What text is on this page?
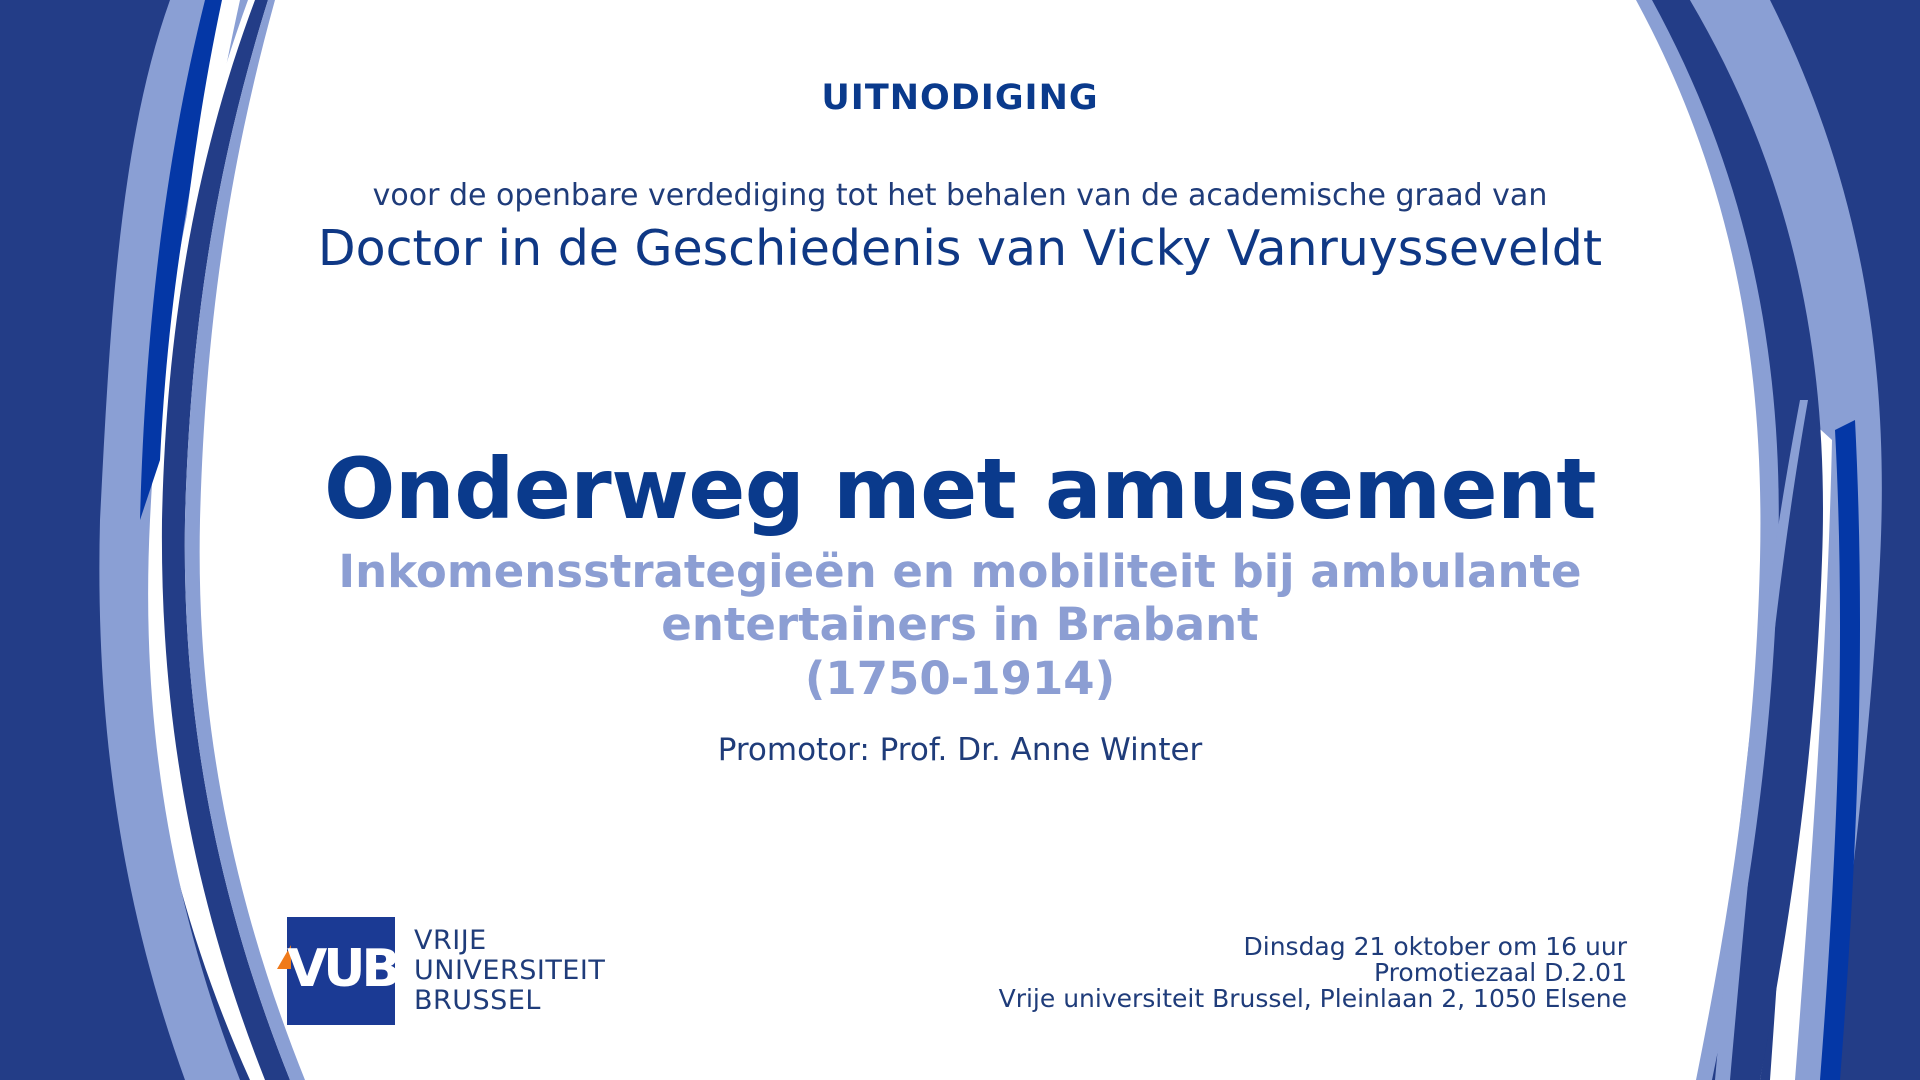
UITNODIGING
voor de openbare verdediging tot het behalen van de academische graad van
Doctor in de Geschiedenis van Vicky Vanruysseveldt
Onderweg met amusement
Inkomensstrategieën en mobiliteit bij ambulante
entertainers in Brabant
(1750-1914)
Promotor: Prof. Dr. Anne Winter
VUB VRIJE
UNIVERSITEIT
BRUSSEL
Dinsdag 21 oktober om 16 uur
Promotiezaal D.2.01
Vrije universiteit Brussel, Pleinlaan 2, 1050 Elsene
